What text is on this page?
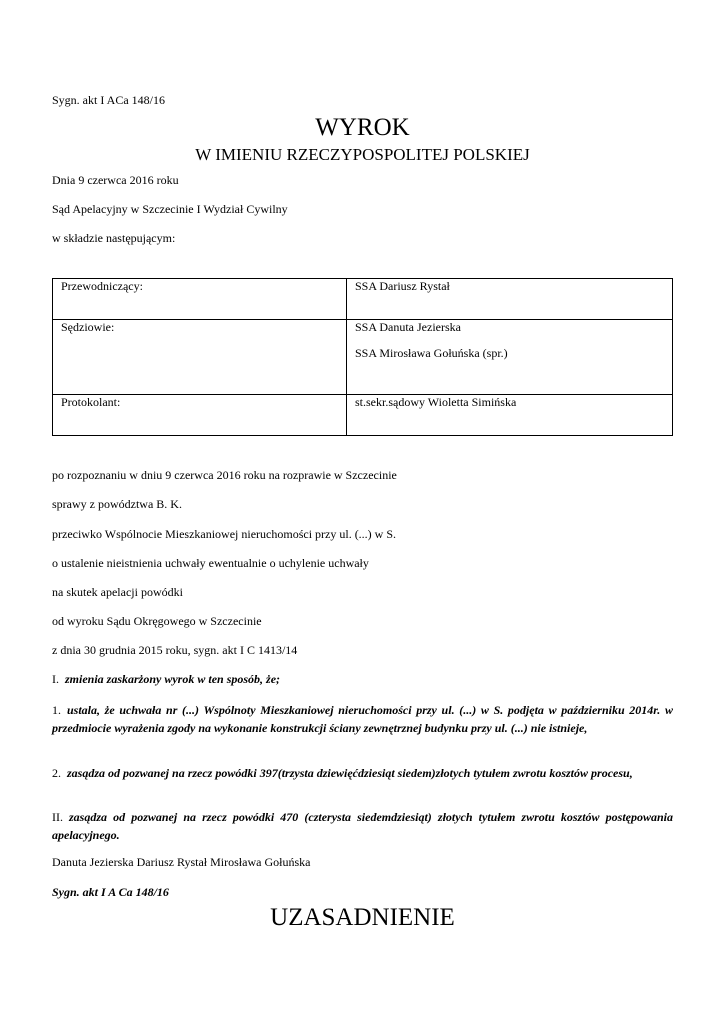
Sygn. akt I ACa 148/16
WYROK
W IMIENIU RZECZYPOSPOLITEJ POLSKIEJ
Dnia 9 czerwca 2016 roku
Sąd Apelacyjny w Szczecinie I Wydział Cywilny
w składzie następującym:
Przewodniczący:	SSA Dariusz Rystał
Sędziowie:	SSA Danuta Jezierska
SSA Mirosława Gołuńska (spr.)

Protokolant:	st.sekr.sądowy Wioletta Simińska
po rozpoznaniu w dniu 9 czerwca 2016 roku na rozprawie w Szczecinie
sprawy z powództwa B. K.
przeciwko Wspólnocie Mieszkaniowej nieruchomości przy ul. (...) w S.
o ustalenie nieistnienia uchwały ewentualnie o uchylenie uchwały
na skutek apelacji powódki
od wyroku Sądu Okręgowego w Szczecinie
z dnia 30 grudnia 2015 roku, sygn. akt I C 1413/14
I. zmienia zaskarżony wyrok w ten sposób, że;
1. ustala, że uchwała nr (...) Wspólnoty Mieszkaniowej nieruchomości przy ul. (...) w S. podjęta w październiku 2014r. w przedmiocie wyrażenia zgody na wykonanie konstrukcji ściany zewnętrznej budynku przy ul. (...) nie istnieje,
2. zasądza od pozwanej na rzecz powódki 397(trzysta dziewięćdziesiąt siedem)złotych tytułem zwrotu kosztów procesu,
II. zasądza od pozwanej na rzecz powódki 470 (czterysta siedemdziesiąt) złotych tytułem zwrotu kosztów postępowania apelacyjnego.
Danuta Jezierska Dariusz Rystał Mirosława Gołuńska
Sygn. akt I A Ca 148/16
UZASADNIENIE
